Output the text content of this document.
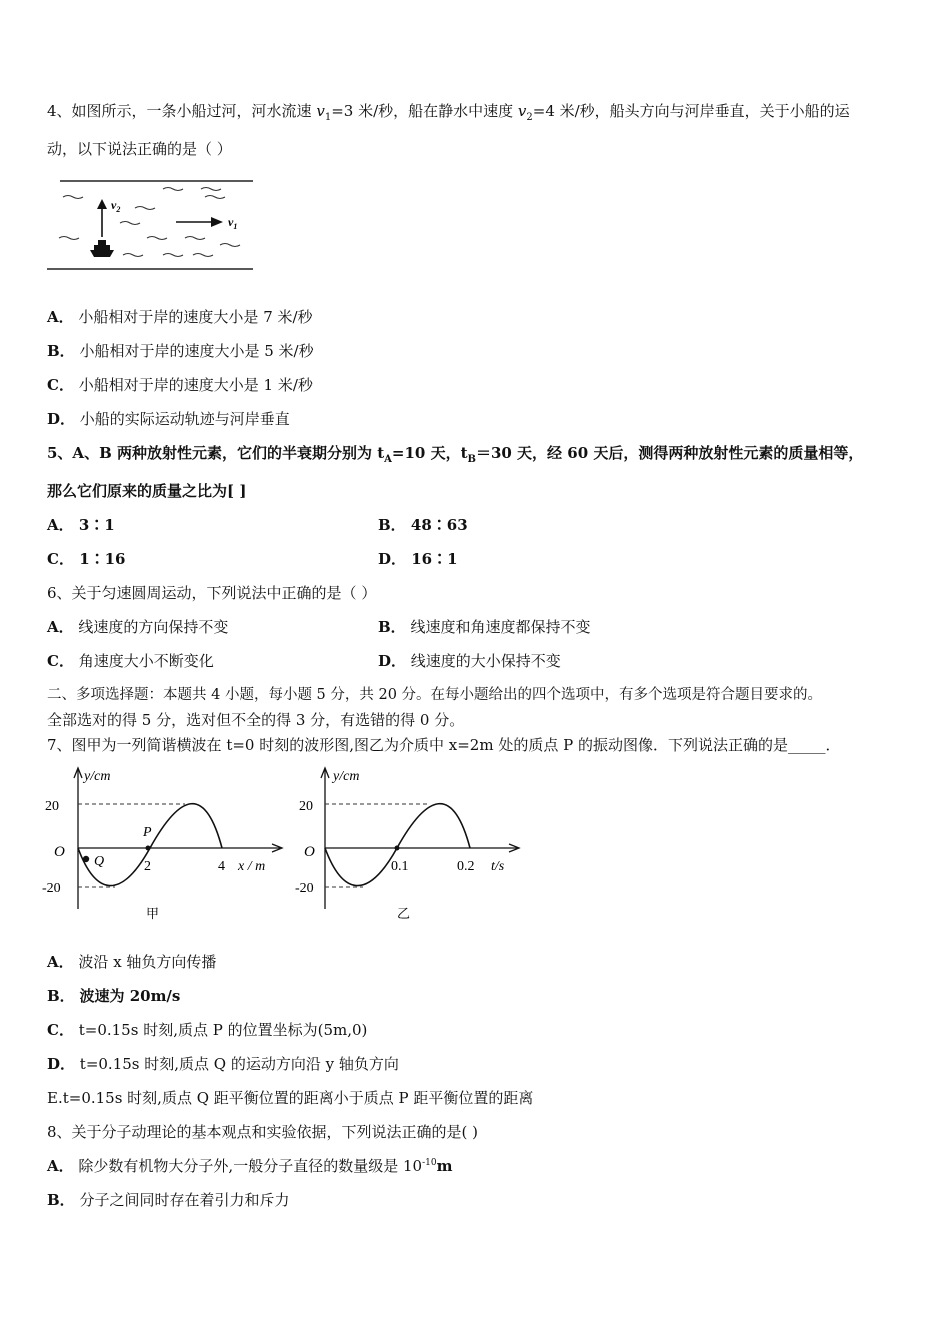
4、如图所示，一条小船过河，河水流速 $v_1=3$ 米/秒，船在静水中速度 $v_2=4$ 米/秒，船头方向与河岸垂直，关于小船的运
动，以下说法正确的是（ ）
$v_2$
$v_1$
A． 小船相对于岸的速度大小是 7 米/秒
B． 小船相对于岸的速度大小是 5 米/秒
C． 小船相对于岸的速度大小是 1 米/秒
D． 小船的实际运动轨迹与河岸垂直
5、A、B 两种放射性元素，它们的半衰期分别为 $t_A=10$ 天，$t_B=30$ 天，经 60 天后，测得两种放射性元素的质量相等，
那么它们原来的质量之比为[ ]
A． 3∶1	B． 48∶63
C． 1∶16	D． 16∶1
6、关于匀速圆周运动，下列说法中正确的是（ ）
A． 线速度的方向保持不变	B． 线速度和角速度都保持不变
C． 角速度大小不断变化	D． 线速度的大小保持不变
二、多项选择题：本题共 4 小题，每小题 5 分，共 20 分。在每小题给出的四个选项中，有多个选项是符合题目要求的。
全部选对的得 5 分，选对但不全的得 3 分，有选错的得 0 分。
7、图甲为一列简谐横波在 t=0 时刻的波形图,图乙为介质中 x=2m 处的质点 P 的振动图像．下列说法正确的是_____．
y/cm
20
-20
O
P
Q	2	4 x / m
甲
y/cm
20
-20
O
0.1	0.2 t/s
乙
A． 波沿 x 轴负方向传播
B． 波速为 20m/s
C． t=0.15s 时刻,质点 P 的位置坐标为(5m,0)
D． t=0.15s 时刻,质点 Q 的运动方向沿 y 轴负方向
E.t=0.15s 时刻,质点 Q 距平衡位置的距离小于质点 P 距平衡位置的距离
8、关于分子动理论的基本观点和实验依据，下列说法正确的是( )
A． 除少数有机物大分子外,一般分子直径的数量级是 $10^{-10}m$
B． 分子之间同时存在着引力和斥力
